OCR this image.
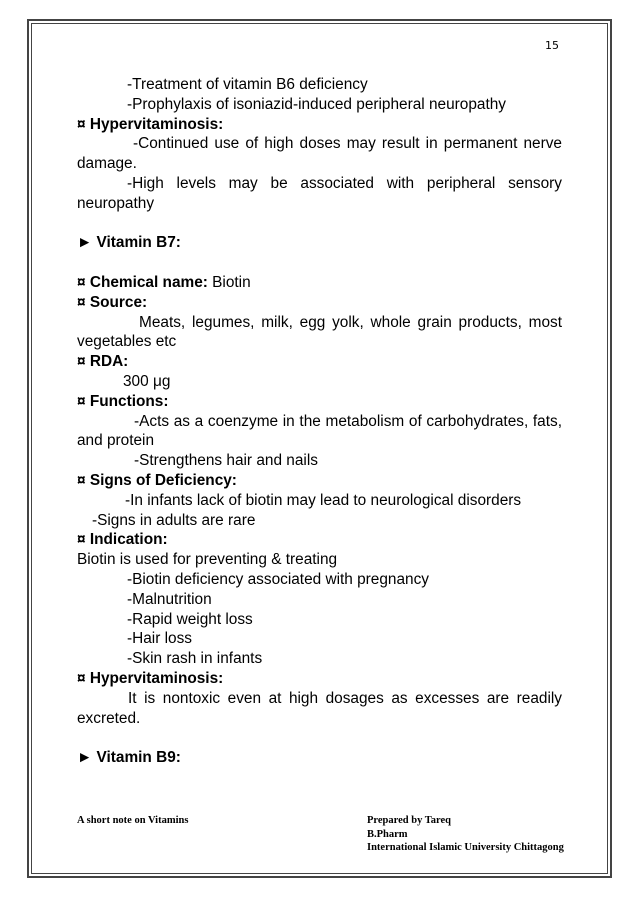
15
-Treatment of vitamin B6 deficiency
-Prophylaxis of isoniazid-induced peripheral neuropathy
¤ Hypervitaminosis:
-Continued use of high doses may result in permanent nerve damage.
-High levels may be associated with peripheral sensory neuropathy
► Vitamin B7:
¤ Chemical name: Biotin
¤ Source:
Meats, legumes, milk, egg yolk, whole grain products, most vegetables etc
¤ RDA:
300 μg
¤ Functions:
-Acts as a coenzyme in the metabolism of carbohydrates, fats, and protein
-Strengthens hair and nails
¤ Signs of Deficiency:
-In infants lack of biotin may lead to neurological disorders
-Signs in adults are rare
¤ Indication:
Biotin is used for preventing & treating
-Biotin deficiency associated with pregnancy
-Malnutrition
-Rapid weight loss
-Hair loss
-Skin rash in infants
¤ Hypervitaminosis:
It is nontoxic even at high dosages as excesses are readily excreted.
► Vitamin B9:
A short note on Vitamins	Prepared by Tareq
B.Pharm
International Islamic University Chittagong
